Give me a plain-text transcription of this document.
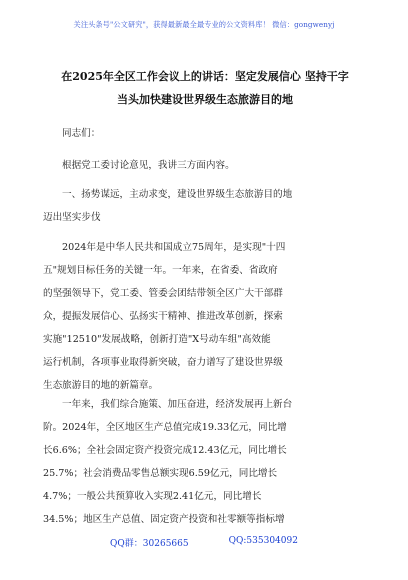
关注头条号"公文研究"，获得最新最全最专业的公文资料库！ 微信：gongwenyj
在2025年全区工作会议上的讲话：坚定发展信心 坚持干字
当头加快建设世界级生态旅游目的地
同志们：
根据党工委讨论意见，我讲三方面内容。
一、扬势谋远，主动求变，建设世界级生态旅游目的地
迈出坚实步伐
2024年是中华人民共和国成立75周年，是实现"十四
五"规划目标任务的关键一年。一年来，在省委、省政府
的坚强领导下，党工委、管委会团结带领全区广大干部群
众，提振发展信心、弘扬实干精神、推进改革创新，探索
实施"12510"发展战略，创新打造"X号动车组"高效能
运行机制，各项事业取得新突破，奋力谱写了建设世界级
生态旅游目的地的新篇章。
一年来，我们综合施策、加压奋进，经济发展再上新台
阶。2024年，全区地区生产总值完成19.33亿元，同比增
长6.6%；全社会固定资产投资完成12.43亿元，同比增长
25.7%；社会消费品零售总额实现6.59亿元，同比增长
4.7%；一般公共预算收入实现2.41亿元，同比增长
34.5%；地区生产总值、固定资产投资和社零额等指标增
QQ群：30265665	QQ:535304092
